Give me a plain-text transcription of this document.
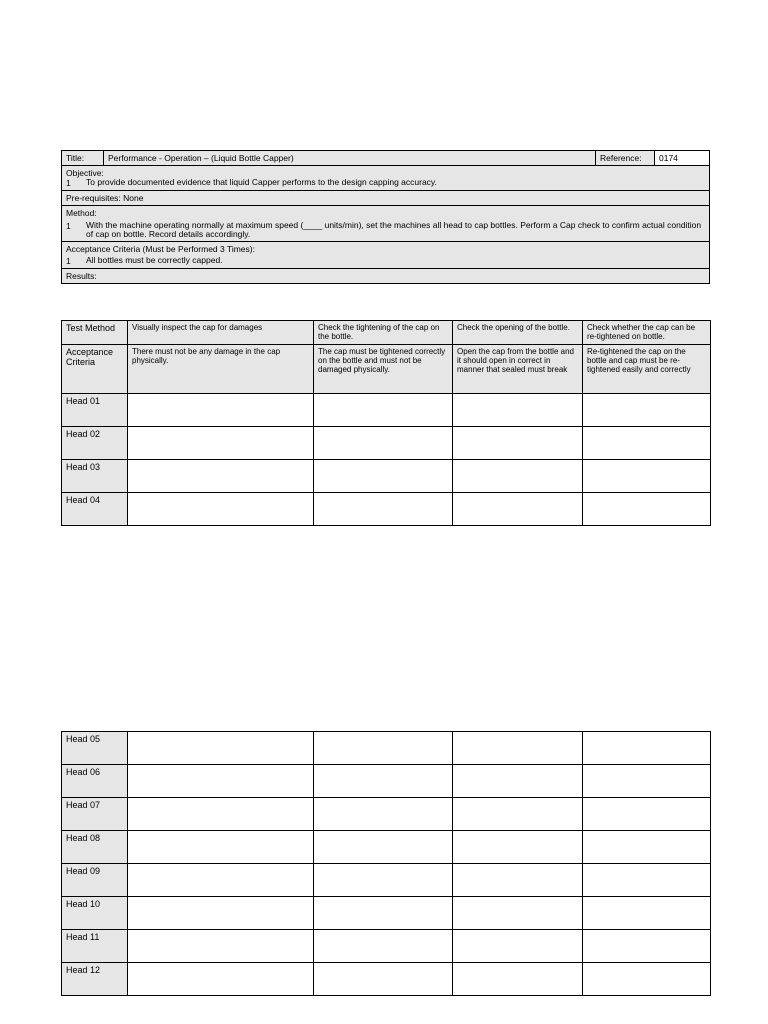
Title:	Performance - Operation – (Liquid Bottle Capper)	Reference:	0174

Objective:
1	To provide documented evidence that liquid Capper performs to the design capping accuracy.

Pre-requisites: None

Method:
1	With the machine operating normally at maximum speed (____ units/min), set the machines all head to cap bottles. Perform a Cap check to confirm actual condition of cap on bottle. Record details accordingly.

Acceptance Criteria (Must be Performed 3 Times):
1	All bottles must be correctly capped.

Results:
Test Method	Visually inspect the cap for damages	Check the tightening of the cap on the bottle.	Check the opening of the bottle.	Check whether the cap can be re-tightened on bottle.
Acceptance Criteria	There must not be any damage in the cap physically.	The cap must be tightened correctly on the bottle and must not be damaged physically.	Open the cap from the bottle and it should open in correct in manner that sealed must break	Re-tightened the cap on the bottle and cap must be re-tightened easily and correctly
Head 01				
Head 02				
Head 03				
Head 04				
Head 05				
Head 06				
Head 07				
Head 08				
Head 09				
Head 10				
Head 11				
Head 12				
